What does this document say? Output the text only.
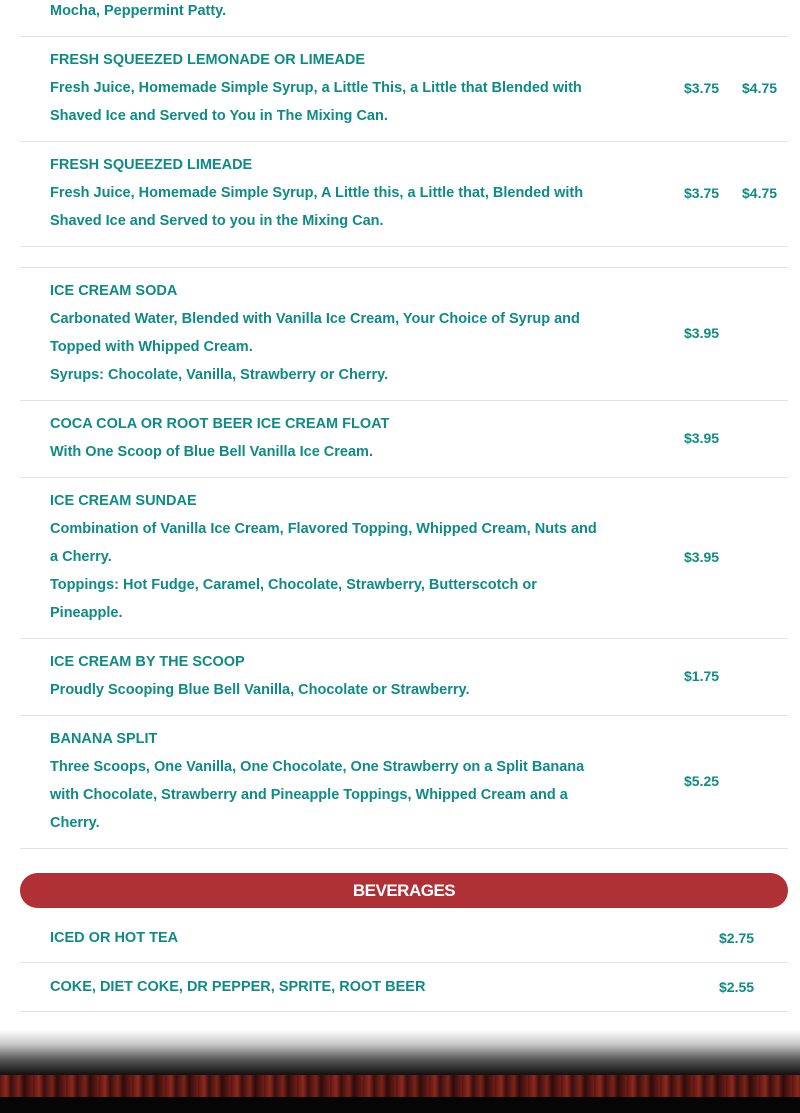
Mocha, Peppermint Patty.
FRESH SQUEEZED LEMONADE OR LIMEADE
Fresh Juice, Homemade Simple Syrup, a Little This, a Little that Blended with
Shaved Ice and Served to You in The Mixing Can.
$3.75 $4.75
FRESH SQUEEZED LIMEADE
Fresh Juice, Homemade Simple Syrup, A Little this, a Little that, Blended with
Shaved Ice and Served to you in the Mixing Can.
$3.75 $4.75
ICE CREAM SODA
Carbonated Water, Blended with Vanilla Ice Cream, Your Choice of Syrup and
Topped with Whipped Cream.
Syrups: Chocolate, Vanilla, Strawberry or Cherry.
$3.95
COCA COLA OR ROOT BEER ICE CREAM FLOAT
With One Scoop of Blue Bell Vanilla Ice Cream.
$3.95
ICE CREAM SUNDAE
Combination of Vanilla Ice Cream, Flavored Topping, Whipped Cream, Nuts and
a Cherry.
Toppings: Hot Fudge, Caramel, Chocolate, Strawberry, Butterscotch or
Pineapple.
$3.95
ICE CREAM BY THE SCOOP
Proudly Scooping Blue Bell Vanilla, Chocolate or Strawberry.
$1.75
BANANA SPLIT
Three Scoops, One Vanilla, One Chocolate, One Strawberry on a Split Banana
with Chocolate, Strawberry and Pineapple Toppings, Whipped Cream and a
Cherry.
$5.25
BEVERAGES
ICED OR HOT TEA	$2.75
COKE, DIET COKE, DR PEPPER, SPRITE, ROOT BEER	$2.55
